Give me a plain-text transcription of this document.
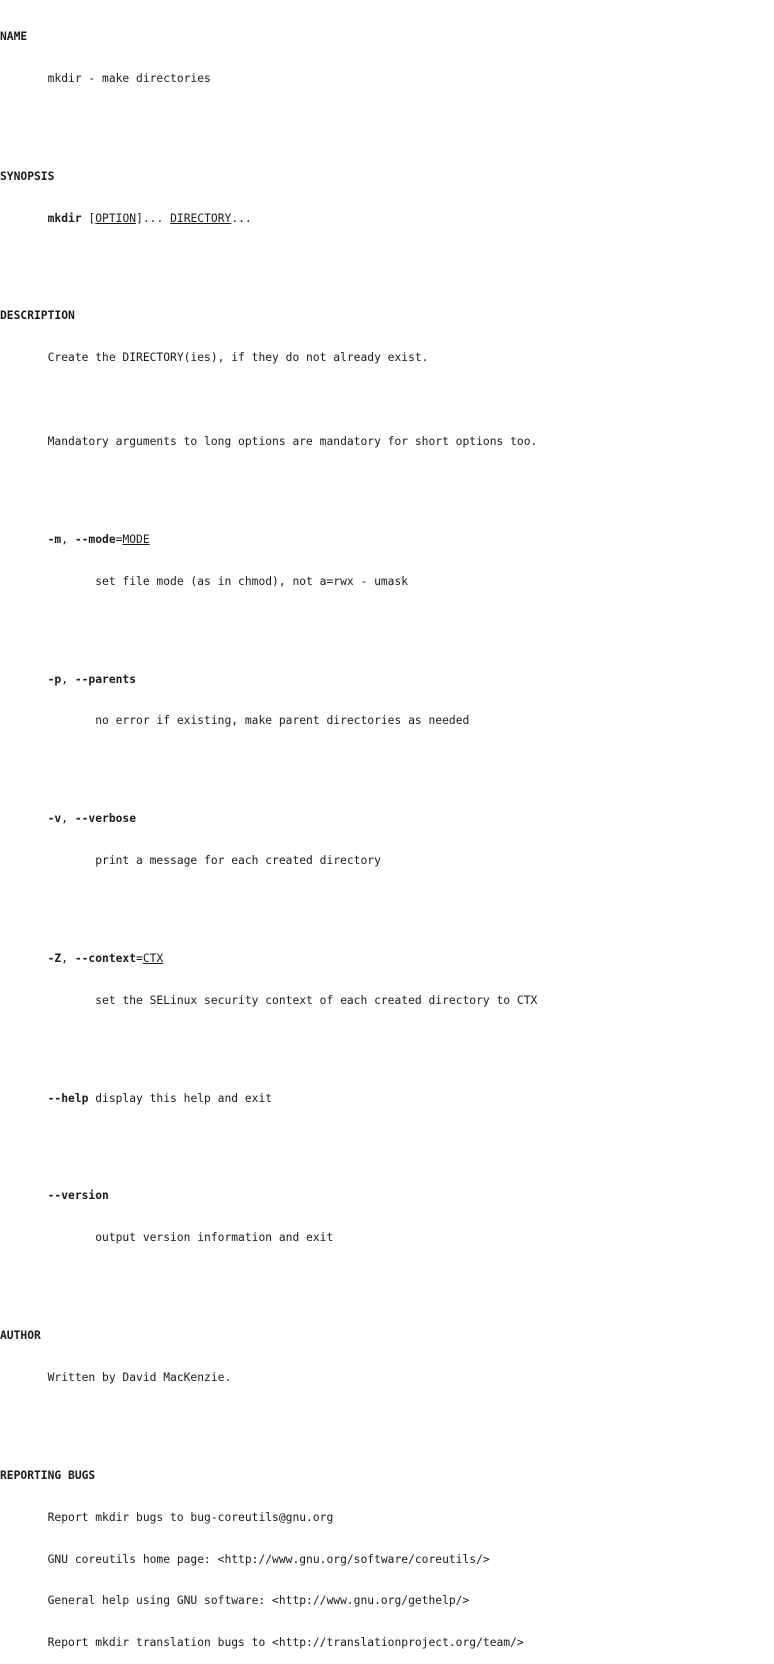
NAME

mkdir - make directories

SYNOPSIS

mkdir [OPTION]... DIRECTORY...

DESCRIPTION

Create the DIRECTORY(ies), if they do not already exist.

Mandatory arguments to long options are mandatory for short options too.

-m, --mode=MODE

set file mode (as in chmod), not a=rwx - umask

-p, --parents

no error if existing, make parent directories as needed

-v, --verbose

print a message for each created directory

-Z, --context=CTX

set the SELinux security context of each created directory to CTX

--help display this help and exit

--version

output version information and exit

AUTHOR

Written by David MacKenzie.

REPORTING BUGS

Report mkdir bugs to bug-coreutils@gnu.org

GNU coreutils home page: <http://www.gnu.org/software/coreutils/>

General help using GNU software: <http://www.gnu.org/gethelp/>

Report mkdir translation bugs to <http://translationproject.org/team/>
